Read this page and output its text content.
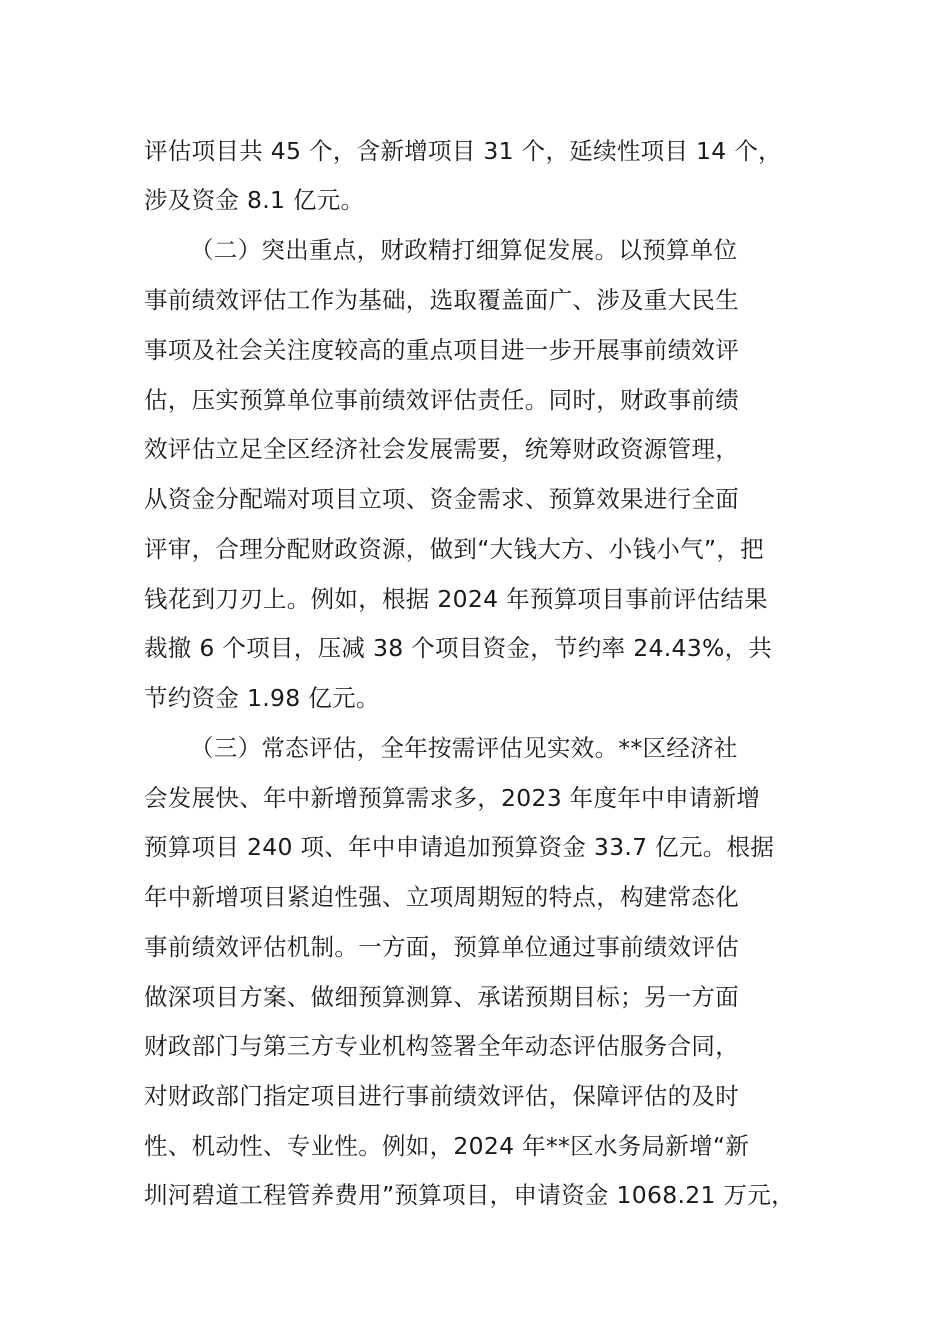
评估项目共 45 个，含新增项目 31 个，延续性项目 14 个，

涉及资金 8.1 亿元。

（二）突出重点，财政精打细算促发展。以预算单位

事前绩效评估工作为基础，选取覆盖面广、涉及重大民生

事项及社会关注度较高的重点项目进一步开展事前绩效评

估，压实预算单位事前绩效评估责任。同时，财政事前绩

效评估立足全区经济社会发展需要，统筹财政资源管理，

从资金分配端对项目立项、资金需求、预算效果进行全面

评审，合理分配财政资源，做到“大钱大方、小钱小气”，把

钱花到刀刃上。例如，根据 2024 年预算项目事前评估结果

裁撤 6 个项目，压减 38 个项目资金，节约率 24.43%，共

节约资金 1.98 亿元。

（三）常态评估，全年按需评估见实效。**区经济社

会发展快、年中新增预算需求多，2023 年度年中申请新增

预算项目 240 项、年中申请追加预算资金 33.7 亿元。根据

年中新增项目紧迫性强、立项周期短的特点，构建常态化

事前绩效评估机制。一方面，预算单位通过事前绩效评估

做深项目方案、做细预算测算、承诺预期目标；另一方面

财政部门与第三方专业机构签署全年动态评估服务合同，

对财政部门指定项目进行事前绩效评估，保障评估的及时

性、机动性、专业性。例如，2024 年**区水务局新增“新

圳河碧道工程管养费用”预算项目，申请资金 1068.21 万元，
